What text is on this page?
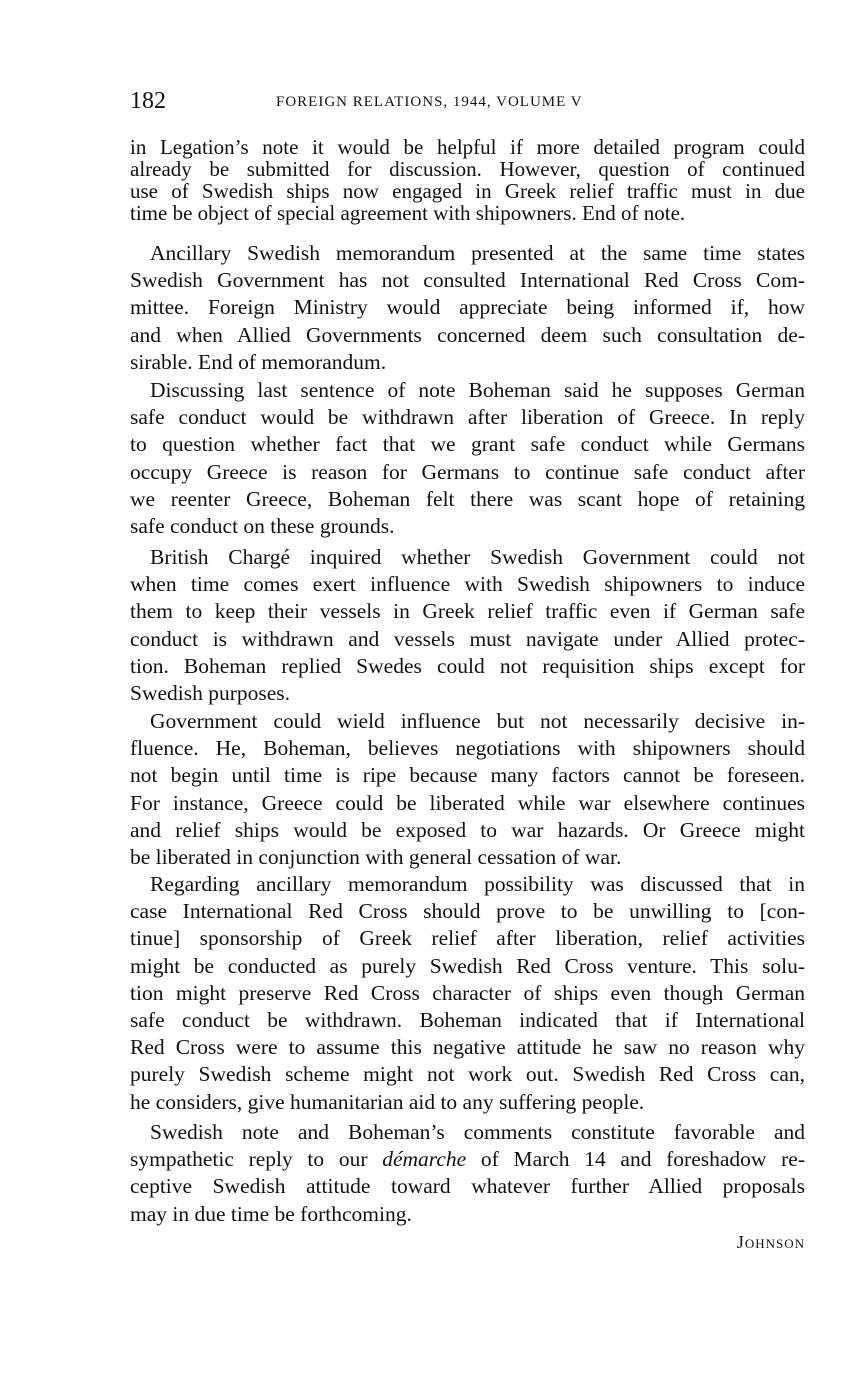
182	FOREIGN RELATIONS, 1944, VOLUME V
in Legation’s note it would be helpful if more detailed program could
already be submitted for discussion. However, question of continued
use of Swedish ships now engaged in Greek relief traffic must in due
time be object of special agreement with shipowners. End of note.
Ancillary Swedish memorandum presented at the same time states
Swedish Government has not consulted International Red Cross Com-
mittee. Foreign Ministry would appreciate being informed if, how
and when Allied Governments concerned deem such consultation de-
sirable. End of memorandum.
Discussing last sentence of note Boheman said he supposes German
safe conduct would be withdrawn after liberation of Greece. In reply
to question whether fact that we grant safe conduct while Germans
occupy Greece is reason for Germans to continue safe conduct after
we reenter Greece, Boheman felt there was scant hope of retaining
safe conduct on these grounds.
British Chargé inquired whether Swedish Government could not
when time comes exert influence with Swedish shipowners to induce
them to keep their vessels in Greek relief traffic even if German safe
conduct is withdrawn and vessels must navigate under Allied protec-
tion. Boheman replied Swedes could not requisition ships except for
Swedish purposes.
Government could wield influence but not necessarily decisive in-
fluence. He, Boheman, believes negotiations with shipowners should
not begin until time is ripe because many factors cannot be foreseen.
For instance, Greece could be liberated while war elsewhere continues
and relief ships would be exposed to war hazards. Or Greece might
be liberated in conjunction with general cessation of war.
Regarding ancillary memorandum possibility was discussed that in
case International Red Cross should prove to be unwilling to [con-
tinue] sponsorship of Greek relief after liberation, relief activities
might be conducted as purely Swedish Red Cross venture. This solu-
tion might preserve Red Cross character of ships even though German
safe conduct be withdrawn. Boheman indicated that if International
Red Cross were to assume this negative attitude he saw no reason why
purely Swedish scheme might not work out. Swedish Red Cross can,
he considers, give humanitarian aid to any suffering people.
Swedish note and Boheman’s comments constitute favorable and
sympathetic reply to our démarche of March 14 and foreshadow re-
ceptive Swedish attitude toward whatever further Allied proposals
may in due time be forthcoming.
Johnson
